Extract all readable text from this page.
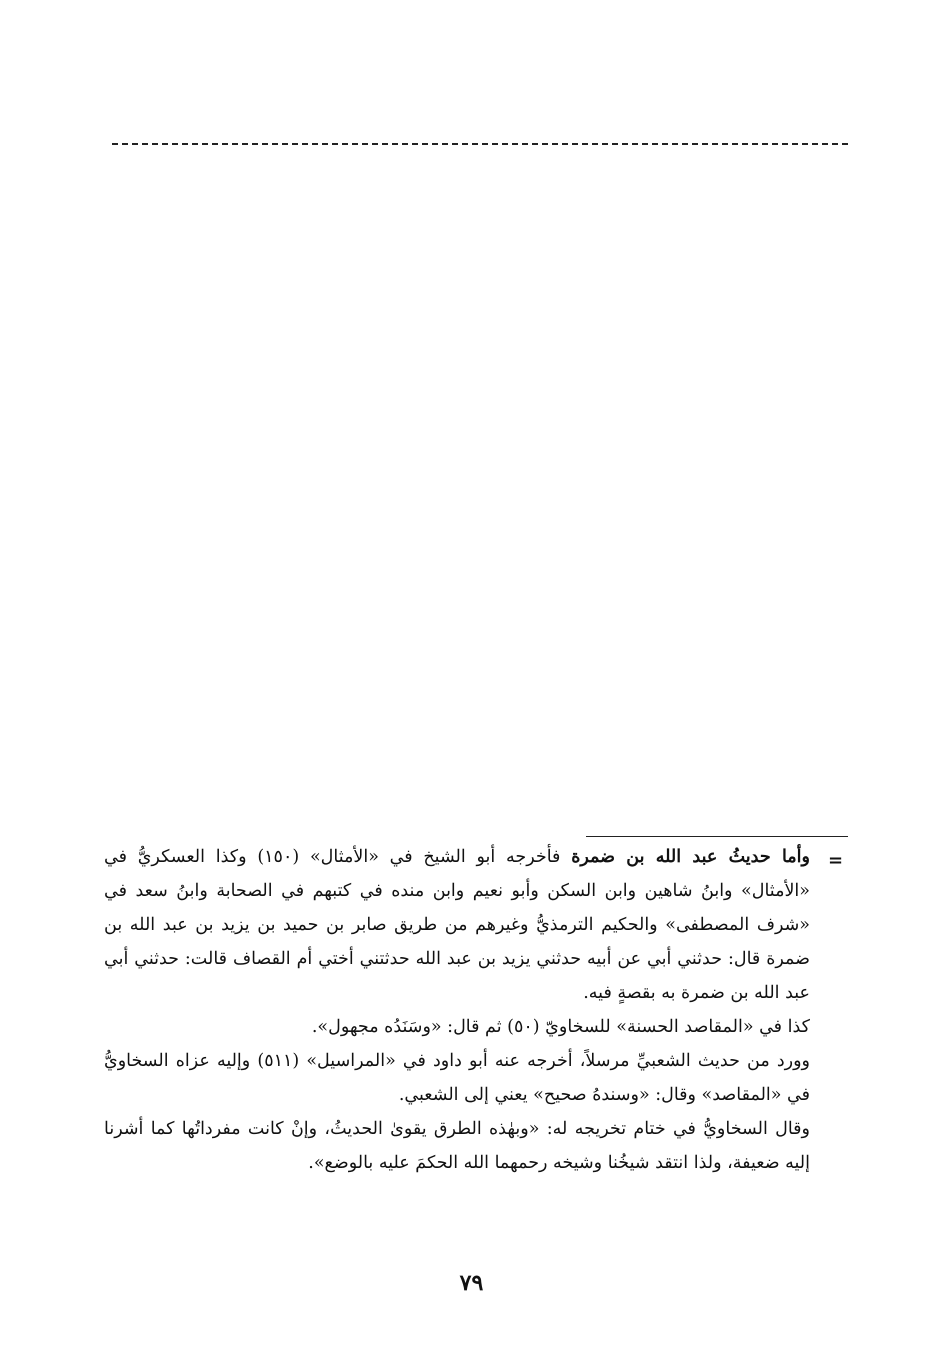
=

وأما حديثُ عبد الله بن ضمرة فأخرجه أبو الشيخ في «الأمثال» (١٥٠) وكذا العسكريُّ في «الأمثال» وابنُ شاهين وابن السكن وأبو نعيم وابن منده في كتبهم في الصحابة وابنُ سعد في «شرف المصطفى» والحكيم الترمذيُّ وغيرهم من طريق صابر بن حميد بن يزيد بن عبد الله بن ضمرة قال: حدثني أبي عن أبيه حدثني يزيد بن عبد الله حدثتني أختي أم القصاف قالت: حدثني أبي عبد الله بن ضمرة به بقصةٍ فيه.

كذا في «المقاصد الحسنة» للسخاويّ (٥٠) ثم قال: «وسَنَدُه مجهول».

وورد من حديث الشعبيِّ مرسلاً، أخرجه عنه أبو داود في «المراسيل» (٥١١) وإليه عزاه السخاويُّ في «المقاصد» وقال: «وسندهُ صحيح» يعني إلى الشعبي.

وقال السخاويُّ في ختام تخريجه له: «وبهٰذه الطرق يقوىٰ الحديثُ، وإنْ كانت مفرداتُها كما أشرنا إليه ضعيفة، ولذا انتقد شيخُنا وشيخه رحمهما الله الحكمَ عليه بالوضع».

٧٩
